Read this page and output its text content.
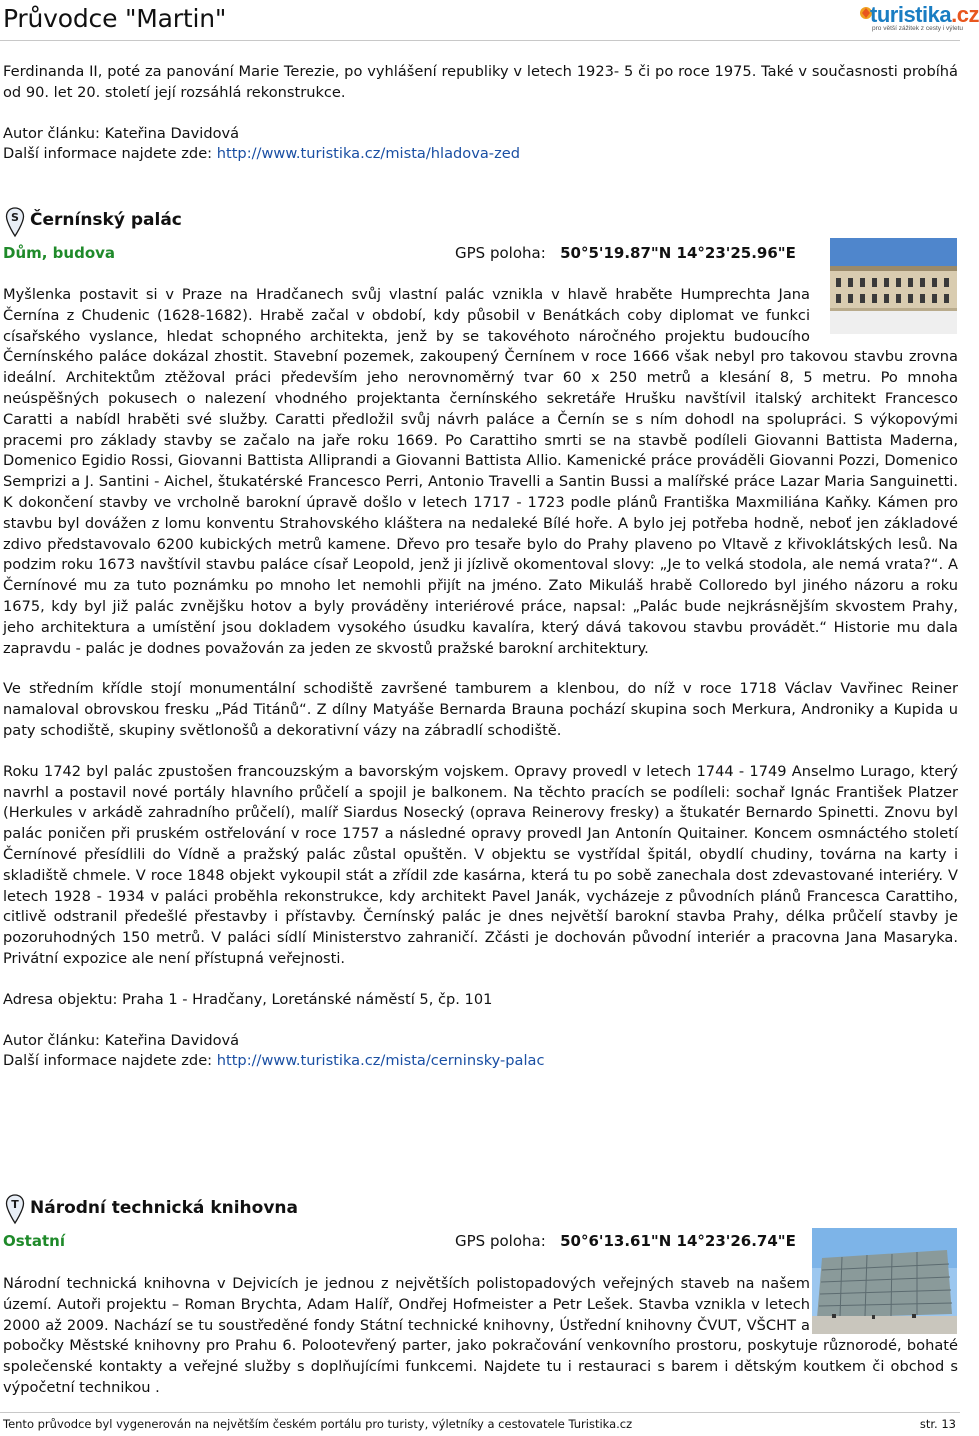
Průvodce "Martin"	turistika.cz
pro větší zážitek z cesty i výletu

Ferdinanda II, poté za panování Marie Terezie, po vyhlášení republiky v letech 1923- 5 či po roce 1975. Také v současnosti probíhá od 90. let 20. století její rozsáhlá rekonstrukce.

Autor článku: Kateřina Davidová
Další informace najdete zde: http://www.turistika.cz/mista/hladova-zed
S Černínský palác
Dům, budova	GPS poloha: 50°5'19.87"N 14°23'25.96"E

Myšlenka postavit si v Praze na Hradčanech svůj vlastní palác vznikla v hlavě hraběte Humprechta Jana Černína z Chudenic (1628-1682). Hrabě začal v období, kdy působil v Benátkách coby diplomat ve funkci císařského vyslance, hledat schopného architekta, jenž by se takovéhoto náročného projektu budoucího Černínského paláce dokázal zhostit. Stavební pozemek, zakoupený Černínem v roce 1666 však nebyl pro takovou stavbu zrovna ideální. Architektům ztěžoval práci především jeho nerovnoměrný tvar 60 x 250 metrů a klesání 8, 5 metru. Po mnoha neúspěšných pokusech o nalezení vhodného projektanta černínského sekretáře Hrušku navštívil italský architekt Francesco Caratti a nabídl hraběti své služby. Caratti předložil svůj návrh paláce a Černín se s ním dohodl na spolupráci. S výkopovými pracemi pro základy stavby se začalo na jaře roku 1669. Po Carattiho smrti se na stavbě podíleli Giovanni Battista Maderna, Domenico Egidio Rossi, Giovanni Battista Alliprandi a Giovanni Battista Allio. Kamenické práce prováděli Giovanni Pozzi, Domenico Semprizi a J. Santini - Aichel, štukatérské Francesco Perri, Antonio Travelli a Santin Bussi a malířské práce Lazar Maria Sanguinetti. K dokončení stavby ve vrcholně barokní úpravě došlo v letech 1717 - 1723 podle plánů Františka Maxmiliána Kaňky. Kámen pro stavbu byl dovážen z lomu konventu Strahovského kláštera na nedaleké Bílé hoře. A bylo jej potřeba hodně, neboť jen základové zdivo představovalo 6200 kubických metrů kamene. Dřevo pro tesaře bylo do Prahy plaveno po Vltavě z křivoklátských lesů. Na podzim roku 1673 navštívil stavbu paláce císař Leopold, jenž ji jízlivě okomentoval slovy: „Je to velká stodola, ale nemá vrata?“. A Černínové mu za tuto poznámku po mnoho let nemohli přijít na jméno. Zato Mikuláš hrabě Colloredo byl jiného názoru a roku 1675, kdy byl již palác zvnějšku hotov a byly prováděny interiérové práce, napsal: „Palác bude nejkrásnějším skvostem Prahy, jeho architektura a umístění jsou dokladem vysokého úsudku kavalíra, který dává takovou stavbu provádět.“ Historie mu dala zapravdu - palác je dodnes považován za jeden ze skvostů pražské barokní architektury.

Ve středním křídle stojí monumentální schodiště završené tamburem a klenbou, do níž v roce 1718 Václav Vavřinec Reiner namaloval obrovskou fresku „Pád Titánů“. Z dílny Matyáše Bernarda Brauna pochází skupina soch Merkura, Androniky a Kupida u paty schodiště, skupiny světlonošů a dekorativní vázy na zábradlí schodiště.

Roku 1742 byl palác zpustošen francouzským a bavorským vojskem. Opravy provedl v letech 1744 - 1749 Anselmo Lurago, který navrhl a postavil nové portály hlavního průčelí a spojil je balkonem. Na těchto pracích se podíleli: sochař Ignác František Platzer (Herkules v arkádě zahradního průčelí), malíř Siardus Nosecký (oprava Reinerovy fresky) a štukatér Bernardo Spinetti. Znovu byl palác poničen při pruském ostřelování v roce 1757 a následné opravy provedl Jan Antonín Quitainer. Koncem osmnáctého století Černínové přesídlili do Vídně a pražský palác zůstal opuštěn. V objektu se vystřídal špitál, obydlí chudiny, továrna na karty i skladiště chmele. V roce 1848 objekt vykoupil stát a zřídil zde kasárna, která tu po sobě zanechala dost zdevastované interiéry. V letech 1928 - 1934 v paláci proběhla rekonstrukce, kdy architekt Pavel Janák, vycházeje z původních plánů Francesca Carattiho, citlivě odstranil předešlé přestavby i přístavby. Černínský palác je dnes největší barokní stavba Prahy, délka průčelí stavby je pozoruhodných 150 metrů. V paláci sídlí Ministerstvo zahraničí. Zčásti je dochován původní interiér a pracovna Jana Masaryka. Privátní expozice ale není přístupná veřejnosti.

Adresa objektu: Praha 1 - Hradčany, Loretánské náměstí 5, čp. 101
Autor článku: Kateřina Davidová
Další informace najdete zde: http://www.turistika.cz/mista/cerninsky-palac
T Národní technická knihovna
Ostatní	GPS poloha: 50°6'13.61"N 14°23'26.74"E

Národní technická knihovna v Dejvicích je jednou z největších polistopadových veřejných staveb na našem území. Autoři projektu – Roman Brychta, Adam Halíř, Ondřej Hofmeister a Petr Lešek. Stavba vznikla v letech 2000 až 2009. Nachází se tu soustředěné fondy Státní technické knihovny, Ústřední knihovny ČVUT, VŠCHT a pobočky Městské knihovny pro Prahu 6. Polootevřený parter, jako pokračování venkovního prostoru, poskytuje různorodé, bohaté společenské kontakty a veřejné služby s doplňujícími funkcemi. Najdete tu i restauraci s barem i dětským koutkem či obchod s výpočetní technikou .

Tento průvodce byl vygenerován na největším českém portálu pro turisty, výletníky a cestovatele Turistika.cz	str. 13
